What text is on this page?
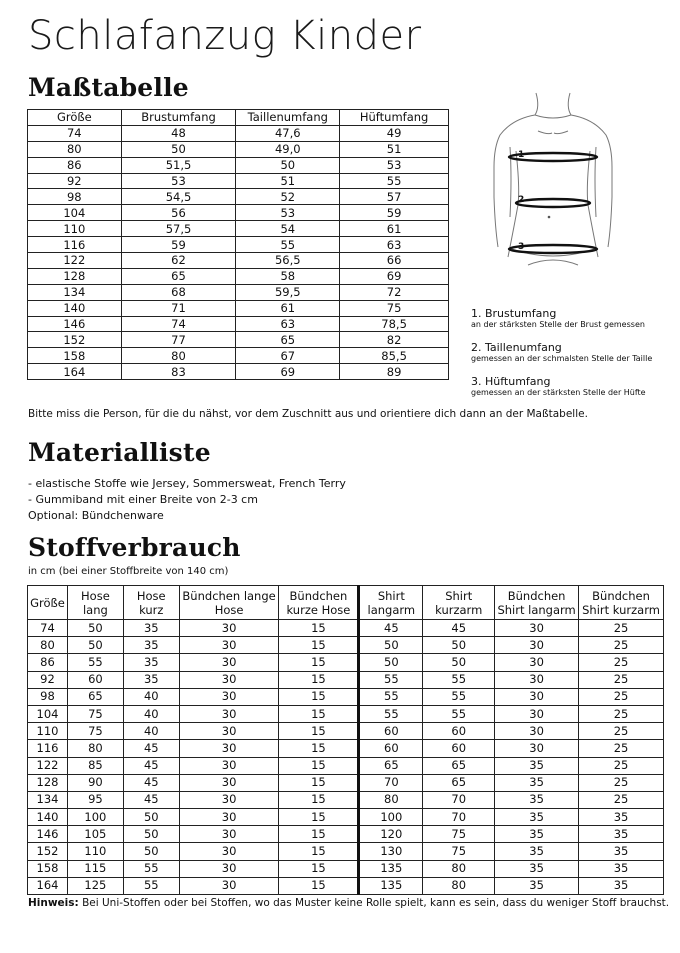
Schlafanzug Kinder
Maßtabelle
Größe	Brustumfang	Taillenumfang	Hüftumfang
74	48	47,6	49
80	50	49,0	51
86	51,5	50	53
92	53	51	55
98	54,5	52	57
104	56	53	59
110	57,5	54	61
116	59	55	63
122	62	56,5	66
128	65	58	69
134	68	59,5	72
140	71	61	75
146	74	63	78,5
152	77	65	82
158	80	67	85,5
164	83	69	89
1
2
3
1. Brustumfang
an der stärksten Stelle der Brust gemessen
2. Taillenumfang
gemessen an der schmalsten Stelle der Taille
3. Hüftumfang
gemessen an der stärksten Stelle der Hüfte
Bitte miss die Person, für die du nähst, vor dem Zuschnitt aus und orientiere dich dann an der Maßtabelle.
Materialliste
- elastische Stoffe wie Jersey, Sommersweat, French Terry
- Gummiband mit einer Breite von 2-3 cm
Optional: Bündchenware
Stoffverbrauch
in cm (bei einer Stoffbreite von 140 cm)
Größe	Hose lang	Hose kurz	Bündchen lange Hose	Bündchen kurze Hose	Shirt langarm	Shirt kurzarm	Bündchen Shirt langarm	Bündchen Shirt kurzarm
74	50	35	30	15	45	45	30	25
80	50	35	30	15	50	50	30	25
86	55	35	30	15	50	50	30	25
92	60	35	30	15	55	55	30	25
98	65	40	30	15	55	55	30	25
104	75	40	30	15	55	55	30	25
110	75	40	30	15	60	60	30	25
116	80	45	30	15	60	60	30	25
122	85	45	30	15	65	65	35	25
128	90	45	30	15	70	65	35	25
134	95	45	30	15	80	70	35	25
140	100	50	30	15	100	70	35	35
146	105	50	30	15	120	75	35	35
152	110	50	30	15	130	75	35	35
158	115	55	30	15	135	80	35	35
164	125	55	30	15	135	80	35	35
Hinweis: Bei Uni-Stoffen oder bei Stoffen, wo das Muster keine Rolle spielt, kann es sein, dass du weniger Stoff brauchst.
